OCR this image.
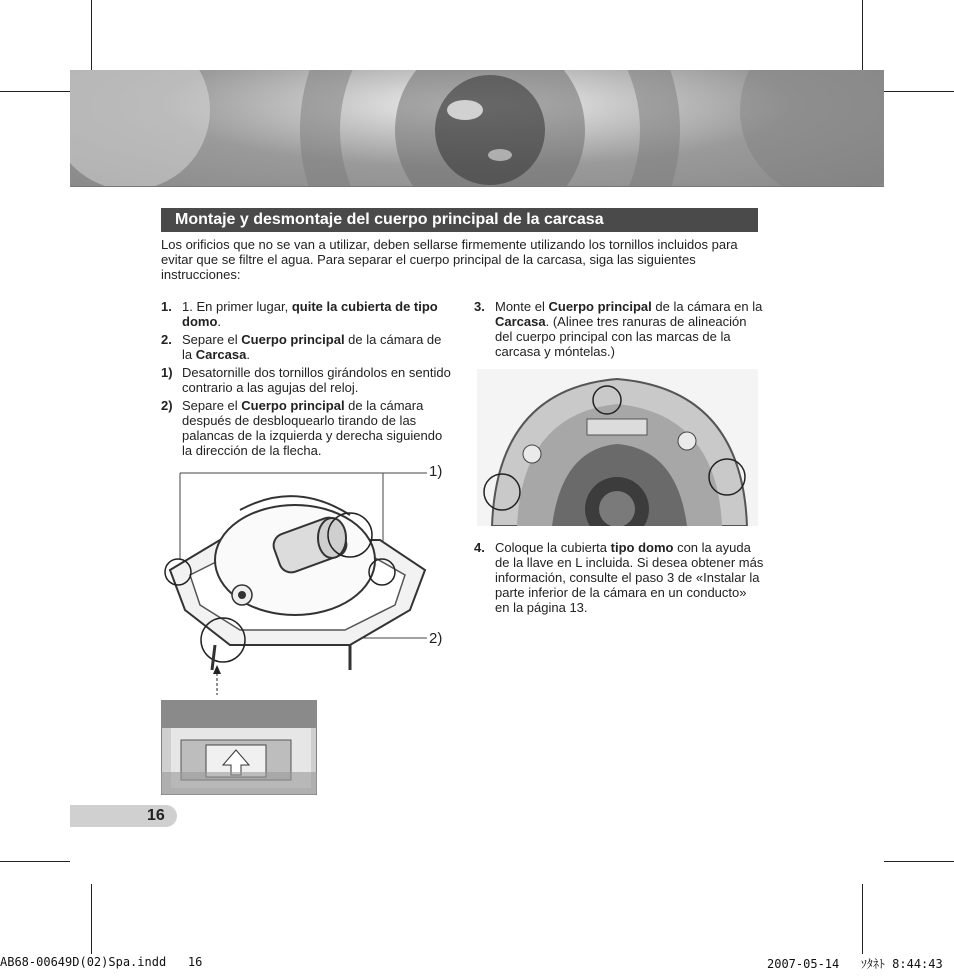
Montaje y desmontaje del cuerpo principal de la carcasa
Los orificios que no se van a utilizar, deben sellarse firmemente utilizando los tornillos incluidos para evitar que se filtre el agua. Para separar el cuerpo principal de la carcasa, siga las siguientes instrucciones:
1. 1. En primer lugar, quite la cubierta de tipo domo.
2. Separe el Cuerpo principal de la cámara de la Carcasa.
1) Desatornille dos tornillos girándolos en sentido contrario a las agujas del reloj.
2) Separe el Cuerpo principal de la cámara después de desbloquearlo tirando de las palancas de la izquierda y derecha siguiendo la dirección de la flecha.
3. Monte el Cuerpo principal de la cámara en la Carcasa. (Alinee tres ranuras de alineación del cuerpo principal con las marcas de la carcasa y móntelas.)
4. Coloque la cubierta tipo domo con la ayuda de la llave en L incluida. Si desea obtener más información, consulte el paso 3 de «Instalar la parte inferior de la cámara en un conducto» en la página 13.
1)
2)
16
AB68-00649D(02)Spa.indd   16	2007-05-14   ｿﾀﾈﾄ 8:44:43
